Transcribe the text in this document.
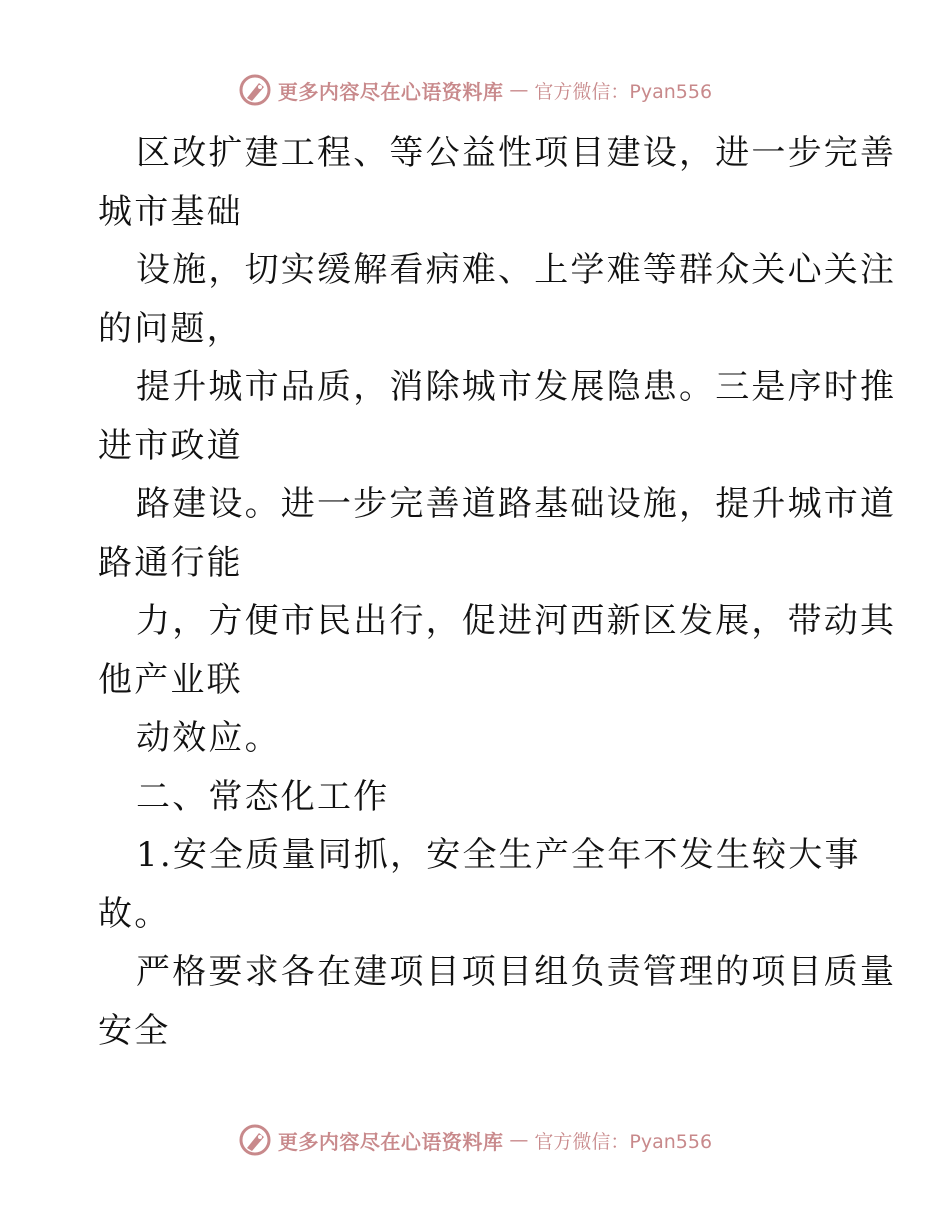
更多内容尽在心语资料库 — 官方微信：Pyan556
区改扩建工程、等公益性项目建设，进一步完善
城市基础
设施，切实缓解看病难、上学难等群众关心关注
的问题，
提升城市品质，消除城市发展隐患。三是序时推
进市政道
路建设。进一步完善道路基础设施，提升城市道
路通行能
力，方便市民出行，促进河西新区发展，带动其
他产业联
动效应。
二、常态化工作
1.安全质量同抓，安全生产全年不发生较大事
故。
严格要求各在建项目项目组负责管理的项目质量
安全
更多内容尽在心语资料库 — 官方微信：Pyan556
